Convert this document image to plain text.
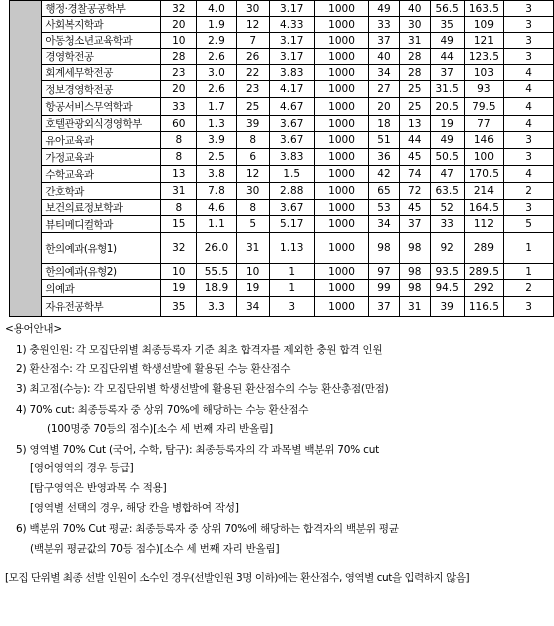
	행정·경찰공공학부	32	4.0	30	3.17	1000	49	40	56.5	163.5	3
	사회복지학과	20	1.9	12	4.33	1000	33	30	35	109	3
	아동청소년교육학과	10	2.9	7	3.17	1000	37	31	49	121	3
	경영학전공	28	2.6	26	3.17	1000	40	28	44	123.5	3
	회계세무학전공	23	3.0	22	3.83	1000	34	28	37	103	4
	정보경영학전공	20	2.6	23	4.17	1000	27	25	31.5	93	4
	항공서비스무역학과	33	1.7	25	4.67	1000	20	25	20.5	79.5	4
	호텔관광외식경영학부	60	1.3	39	3.67	1000	18	13	19	77	4
	유아교육과	8	3.9	8	3.67	1000	51	44	49	146	3
	가정교육과	8	2.5	6	3.83	1000	36	45	50.5	100	3
	수학교육과	13	3.8	12	1.5	1000	42	74	47	170.5	4
	간호학과	31	7.8	30	2.88	1000	65	72	63.5	214	2
	보건의료정보학과	8	4.6	8	3.67	1000	53	45	52	164.5	3
	뷰티메디컬학과	15	1.1	5	5.17	1000	34	37	33	112	5
	한의예과(유형1)	32	26.0	31	1.13	1000	98	98	92	289	1
	한의예과(유형2)	10	55.5	10	1	1000	97	98	93.5	289.5	1
	의예과	19	18.9	19	1	1000	99	98	94.5	292	2
	자유전공학부	35	3.3	34	3	1000	37	31	39	116.5	3
<용어안내>
1) 충원인원: 각 모집단위별 최종등록자 기준 최초 합격자를 제외한 충원 합격 인원
2) 환산점수: 각 모집단위별 학생선발에 활용된 수능 환산점수
3) 최고점(수능): 각 모집단위별 학생선발에 활용된 환산점수의 수능 환산총점(만점)
4) 70% cut: 최종등록자 중 상위 70%에 해당하는 수능 환산점수
(100명중 70등의 점수)[소수 세 번째 자리 반올림]
5) 영역별 70% Cut (국어, 수학, 탐구): 최종등록자의 각 과목별 백분위 70% cut
[영어영역의 경우 등급]
[탐구영역은 반영과목 수 적용]
[영역별 선택의 경우, 해당 칸을 병합하여 작성]
6) 백분위 70% Cut 평균: 최종등록자 중 상위 70%에 해당하는 합격자의 백분위 평균
(백분위 평균값의 70등 점수)[소수 세 번째 자리 반올림]
[모집 단위별 최종 선발 인원이 소수인 경우(선발인원 3명 이하)에는 환산점수, 영역별 cut을 입력하지 않음]
